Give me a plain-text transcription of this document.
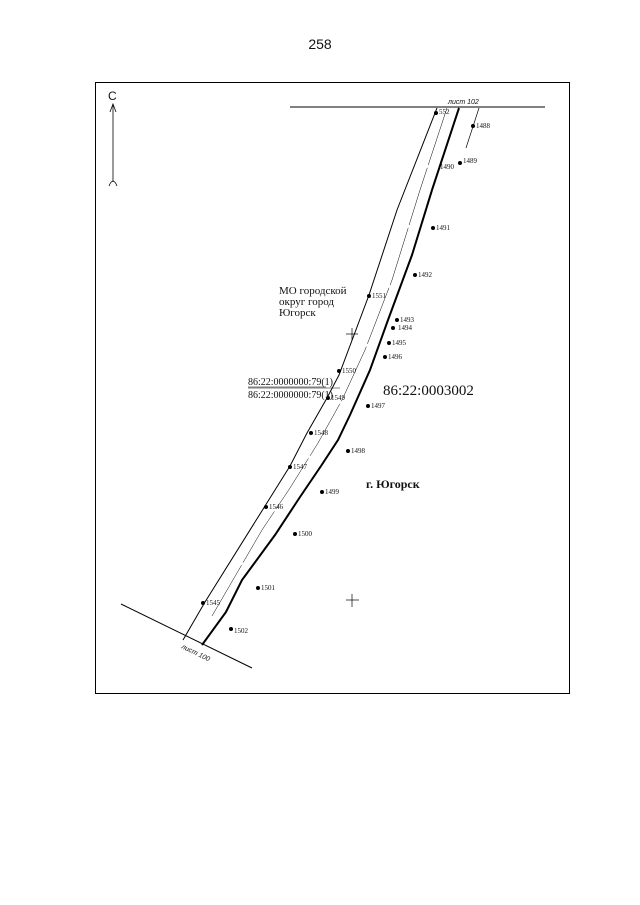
258
С	лист 102
лист 100
552
1551
1550
1549
1548
1547
1546
1545
1488
1489
1490
1491
1492
1493
1494
1495
1496
1497
1498
1499
1500
1501
1502
МО городской
округ город
Югорск
86:22:0000000:79(1)
86:22:0000000:79(1)	86:22:0003002
г. Югорск
